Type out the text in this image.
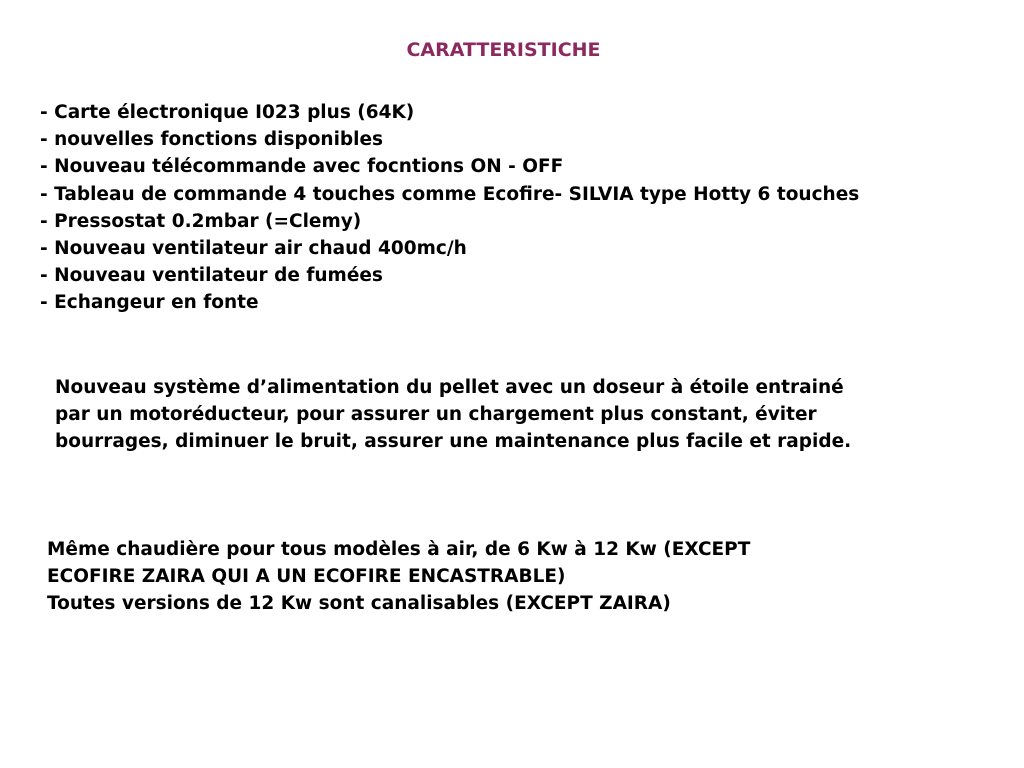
CARATTERISTICHE
- Carte électronique I023 plus (64K)
- nouvelles fonctions disponibles
- Nouveau télécommande avec focntions ON - OFF
- Tableau de commande 4 touches comme Ecofire- SILVIA type Hotty 6 touches
- Pressostat 0.2mbar (=Clemy)
- Nouveau ventilateur air chaud 400mc/h
- Nouveau ventilateur de fumées
- Echangeur en fonte

Nouveau système d’alimentation du pellet avec un doseur à étoile entrainé
par un motoréducteur, pour assurer un chargement plus constant, éviter
bourrages, diminuer le bruit, assurer une maintenance plus facile et rapide.

Même chaudière pour tous modèles à air, de 6 Kw à 12 Kw (EXCEPT
ECOFIRE ZAIRA QUI A UN ECOFIRE ENCASTRABLE)
Toutes versions de 12 Kw sont canalisables (EXCEPT ZAIRA)
